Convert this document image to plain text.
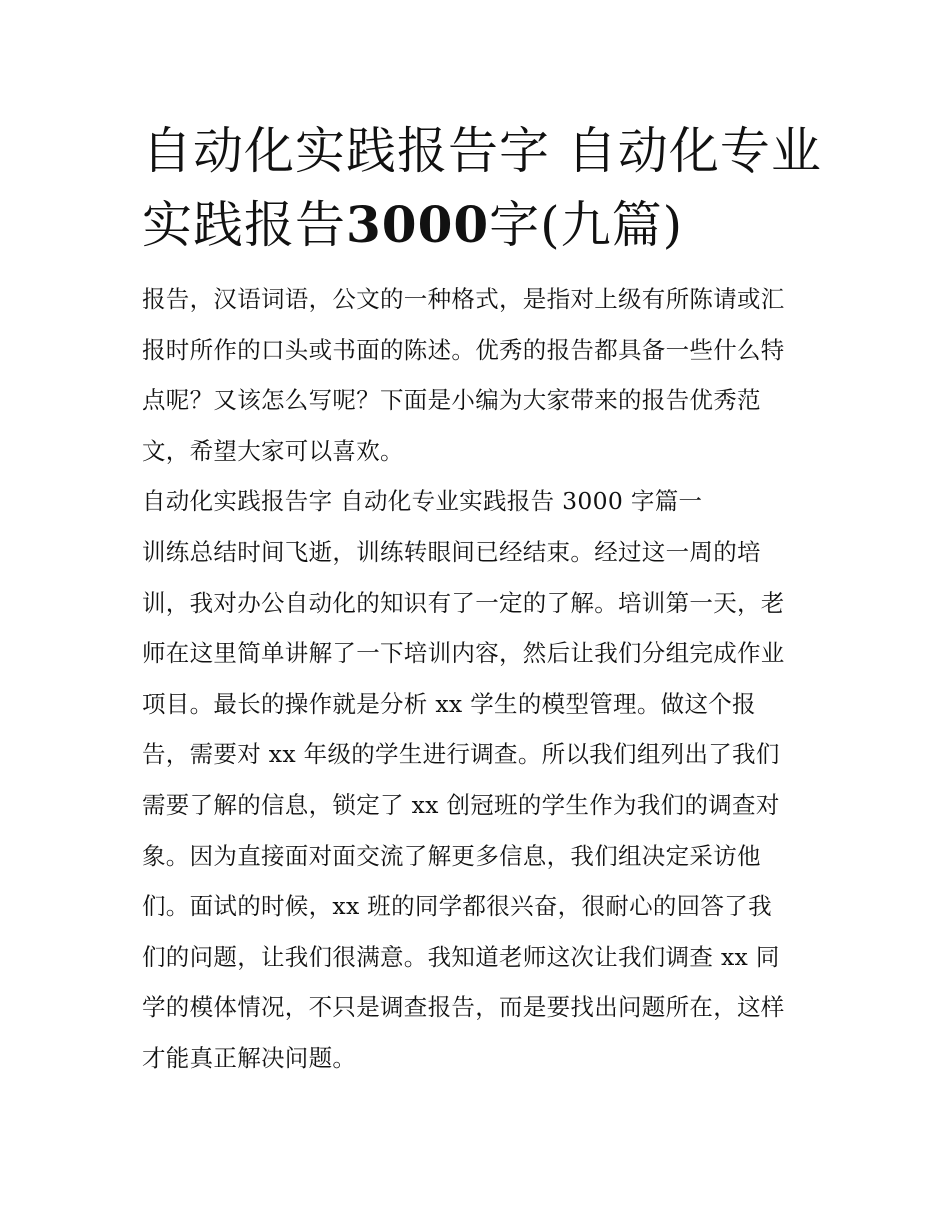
自动化实践报告字 自动化专业
实践报告3000字(九篇)

报告，汉语词语，公文的一种格式，是指对上级有所陈请或汇
报时所作的口头或书面的陈述。优秀的报告都具备一些什么特
点呢？又该怎么写呢？下面是小编为大家带来的报告优秀范
文，希望大家可以喜欢。

自动化实践报告字 自动化专业实践报告 3000 字篇一

训练总结时间飞逝，训练转眼间已经结束。经过这一周的培
训，我对办公自动化的知识有了一定的了解。培训第一天，老
师在这里简单讲解了一下培训内容，然后让我们分组完成作业
项目。最长的操作就是分析 xx 学生的模型管理。做这个报
告，需要对 xx 年级的学生进行调查。所以我们组列出了我们
需要了解的信息，锁定了 xx 创冠班的学生作为我们的调查对
象。因为直接面对面交流了解更多信息，我们组决定采访他
们。面试的时候，xx 班的同学都很兴奋，很耐心的回答了我
们的问题，让我们很满意。我知道老师这次让我们调查 xx 同
学的模体情况，不只是调查报告，而是要找出问题所在，这样
才能真正解决问题。
